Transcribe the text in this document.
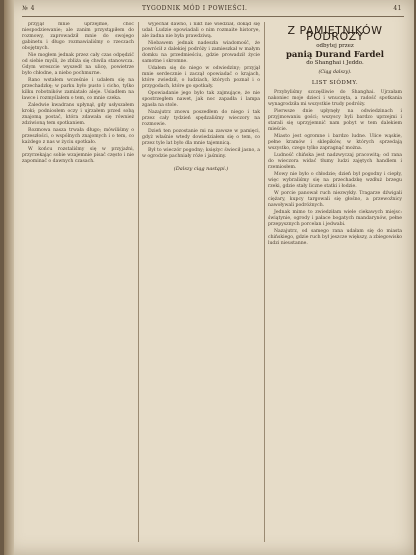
№ 4	TYGODNIK MÓD I POWIEŚCI.	41

przyjął mnie uprzejmie, choć niespodziewanie; ale zanim przystąpiłem do rozmowy, zaprowadził mnie do swojego gabinetu i długo rozmawialiśmy o rzeczach obojętnych.

Nie mogłem jednak przez cały czas odpędzić od siebie myśli, że zbliża się chwila stanowcza. Gdym wreszcie wyszedł na ulicę, powietrze było chłodne, a niebo pochmurne.

Rano wstałem wcześnie i udałem się na przechadzkę; w parku było pusto i cicho, tylko kilku robotników zamiatało aleje. Usiadłem na ławce i rozmyślałem o tem, co mnie czeka.

Zaledwie kwadrans upłynął, gdy usłyszałem kroki; podniosłem oczy i ujrzałem przed sobą znajomą postać, która zdawała się również zdziwioną tem spotkaniem.

Rozmowa nasza trwała długo; mówiliśmy o przeszłości, o wspólnych znajomych i o tem, co każdego z nas w życiu spotkało.

W końcu rozstaliśmy się w przyjaźni, przyrzekając sobie wzajemnie pisać często i nie zapominać o dawnych czasach.

wyjechał dawno, i nikt nie wiedział, dokąd się udał. Ludzie opowiadali o nim rozmaite historye, ale żadna nie była prawdziwą.

Niebawem jednak nadeszła wiadomość, że powrócił z dalekiej podróży i zamieszkał w małym domku na przedmieściu, gdzie prowadził życie samotne i skromne.

Udałem się do niego w odwiedziny; przyjął mnie serdecznie i zaczął opowiadać o krajach, które zwiedził, o ludziach, których poznał i o przygodach, które go spotkały.

Opowiadanie jego było tak zajmujące, że nie spostrzegłem nawet, jak noc zapadła i lampa zgasła na stole.

Nazajutrz znowu poszedłem do niego i tak przez cały tydzień spędzaliśmy wieczory na rozmowie.

Dzień ten pozostanie mi na zawsze w pamięci, gdyż właśnie wtedy dowiedziałem się o tem, co przez tyle lat było dla mnie tajemnicą.

Był to wieczór pogodny; księżyc świecił jasno, a w ogrodzie pachniały róże i jaśminy.

(Dalszy ciąg nastąpi.)
Z PAMIĘTNIKÓW PODRÓŻY
odbytej przez
panią Durand Fardel
do Shanghai i Jeddo.
(Ciąg dalszy).
LIST SIÓDMY.

Przybyliśmy szczęśliwie do Shanghai. Ujrzałam nakoniec moje dzieci i wnuczęta, a radość spotkania wynagrodziła mi wszystkie trudy podróży.

Pierwsze dnie upłynęły na odwiedzinach i przyjmowaniu gości; wszyscy byli bardzo uprzejmi i starali się uprzyjemnić nam pobyt w tem dalekiem mieście.

Miasto jest ogromne i bardzo ludne. Ulice wąskie, pełne kramów i sklepików, w których sprzedają wszystko, czego tylko zapragnąć można.

Ludność chińska jest nadzwyczaj pracowitą; od rana do wieczora widać tłumy ludzi zajętych handlem i rzemiosłem.

Mowy nie było o chłodzie; dzień był pogodny i ciepły, więc wybraliśmy się na przechadzkę wzdłuż brzegu rzeki, gdzie stały liczne statki i łodzie.

W porcie panował ruch niezwykły. Tragarze dźwigali ciężary, kupcy targowali się głośno, a przewoźnicy nawoływali podróżnych.

Jednak mimo to zwiedziłam wiele ciekawych miejsc: świątynie, ogrody i pałace bogatych mandarynów, pełne przepysznych porcelan i jedwabi.

Nazajutrz, od samego rana udałam się do miasta chińskiego, gdzie ruch był jeszcze większy, a zbiegowisko ludzi nieustanne.
